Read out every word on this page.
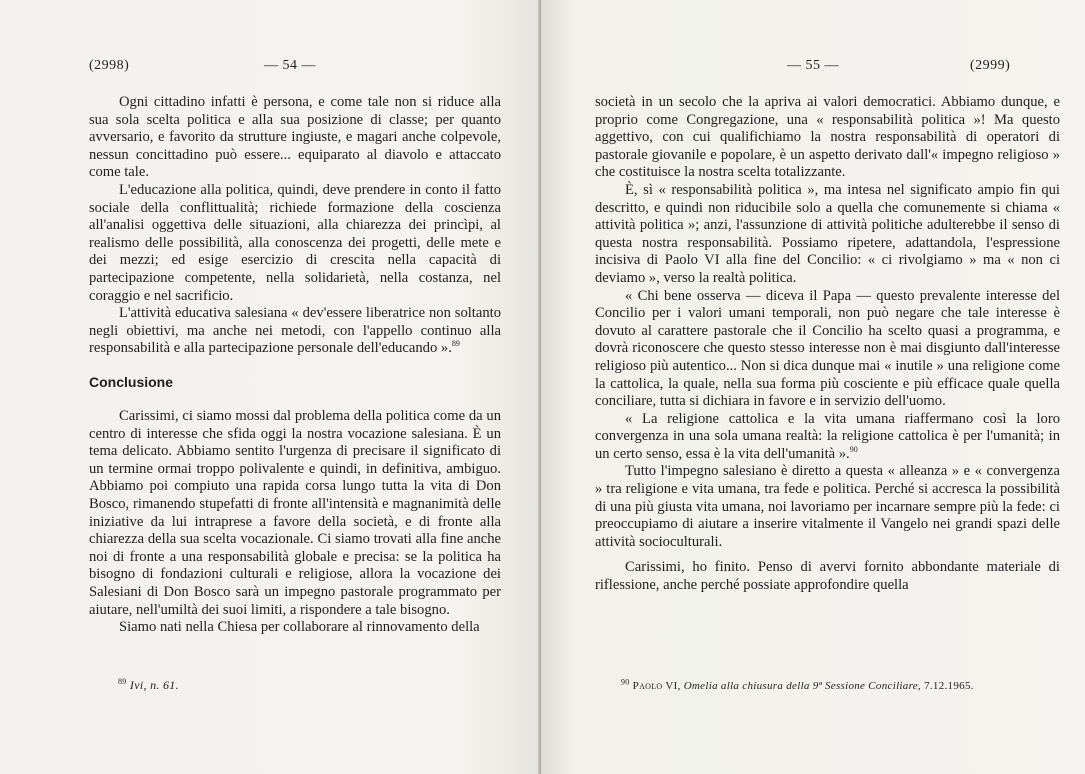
(2998)	— 54 —

Ogni cittadino infatti è persona, e come tale non si riduce alla sua sola scelta politica e alla sua posizione di classe; per quanto avversario, e favorito da strutture ingiuste, e magari anche colpevole, nessun concittadino può essere... equiparato al diavolo e attaccato come tale.

L'educazione alla politica, quindi, deve prendere in conto il fatto sociale della conflittualità; richiede formazione della coscienza all'analisi oggettiva delle situazioni, alla chiarezza dei princìpi, al realismo delle possibilità, alla conoscenza dei progetti, delle mete e dei mezzi; ed esige esercizio di crescita nella capacità di partecipazione competente, nella solidarietà, nella costanza, nel coraggio e nel sacrificio.

L'attività educativa salesiana « dev'essere liberatrice non soltanto negli obiettivi, ma anche nei metodi, con l'appello continuo alla responsabilità e alla partecipazione personale dell'educando ».$^{89}$

Conclusione

Carissimi, ci siamo mossi dal problema della politica come da un centro di interesse che sfida oggi la nostra vocazione salesiana. È un tema delicato. Abbiamo sentito l'urgenza di precisare il significato di un termine ormai troppo polivalente e quindi, in definitiva, ambiguo. Abbiamo poi compiuto una rapida corsa lungo tutta la vita di Don Bosco, rimanendo stupefatti di fronte all'intensità e magnanimità delle iniziative da lui intraprese a favore della società, e di fronte alla chiarezza della sua scelta vocazionale. Ci siamo trovati alla fine anche noi di fronte a una responsabilità globale e precisa: se la politica ha bisogno di fondazioni culturali e religiose, allora la vocazione dei Salesiani di Don Bosco sarà un impegno pastorale programmato per aiutare, nell'umiltà dei suoi limiti, a rispondere a tale bisogno.

Siamo nati nella Chiesa per collaborare al rinnovamento della

$^{89}$ Ivi, n. 61.
— 55 —	(2999)

società in un secolo che la apriva ai valori democratici. Abbiamo dunque, e proprio come Congregazione, una « responsabilità politica »! Ma questo aggettivo, con cui qualifichiamo la nostra responsabilità di operatori di pastorale giovanile e popolare, è un aspetto derivato dall'« impegno religioso » che costituisce la nostra scelta totalizzante.

È, sì « responsabilità politica », ma intesa nel significato ampio fin qui descritto, e quindi non riducibile solo a quella che comunemente si chiama « attività politica »; anzi, l'assunzione di attività politiche adulterebbe il senso di questa nostra responsabilità. Possiamo ripetere, adattandola, l'espressione incisiva di Paolo VI alla fine del Concilio: « ci rivolgiamo » ma « non ci deviamo », verso la realtà politica.

« Chi bene osserva — diceva il Papa — questo prevalente interesse del Concilio per i valori umani temporali, non può negare che tale interesse è dovuto al carattere pastorale che il Concilio ha scelto quasi a programma, e dovrà riconoscere che questo stesso interesse non è mai disgiunto dall'interesse religioso più autentico... Non si dica dunque mai « inutile » una religione come la cattolica, la quale, nella sua forma più cosciente e più efficace quale quella conciliare, tutta si dichiara in favore e in servizio dell'uomo.

« La religione cattolica e la vita umana riaffermano così la loro convergenza in una sola umana realtà: la religione cattolica è per l'umanità; in un certo senso, essa è la vita dell'umanità ».$^{90}$

Tutto l'impegno salesiano è diretto a questa « alleanza » e « convergenza » tra religione e vita umana, tra fede e politica. Perché si accresca la possibilità di una più giusta vita umana, noi lavoriamo per incarnare sempre più la fede: ci preoccupiamo di aiutare a inserire vitalmente il Vangelo nei grandi spazi delle attività socioculturali.

Carissimi, ho finito. Penso di avervi fornito abbondante materiale di riflessione, anche perché possiate approfondire quella

$^{90}$ Paolo VI, Omelia alla chiusura della 9ª Sessione Conciliare, 7.12.1965.
